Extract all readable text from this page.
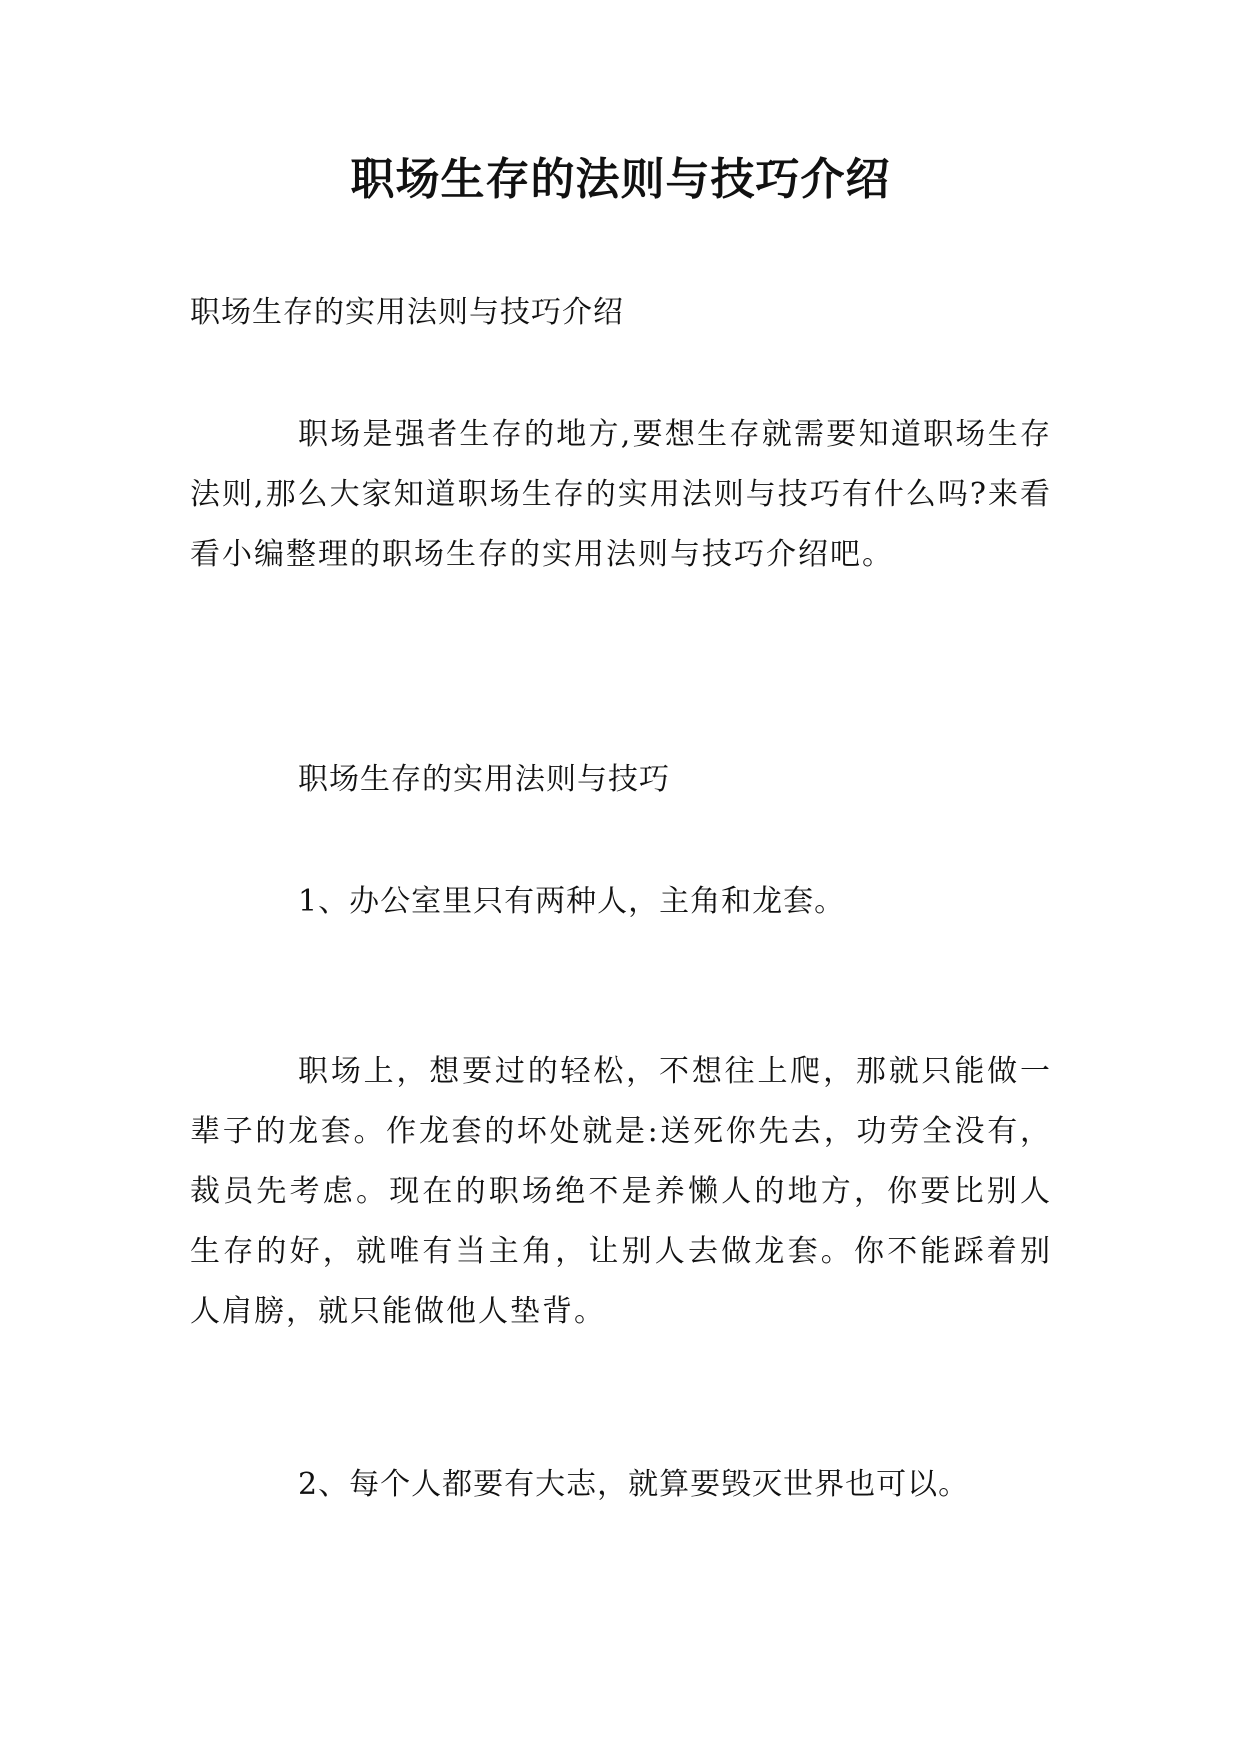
职场生存的法则与技巧介绍

职场生存的实用法则与技巧介绍

职场是强者生存的地方,要想生存就需要知道职场生存法则,那么大家知道职场生存的实用法则与技巧有什么吗?来看看小编整理的职场生存的实用法则与技巧介绍吧。

职场生存的实用法则与技巧

1、办公室里只有两种人，主角和龙套。

职场上，想要过的轻松，不想往上爬，那就只能做一辈子的龙套。作龙套的坏处就是:送死你先去，功劳全没有，裁员先考虑。现在的职场绝不是养懒人的地方，你要比别人生存的好，就唯有当主角，让别人去做龙套。你不能踩着别人肩膀，就只能做他人垫背。

2、每个人都要有大志，就算要毁灭世界也可以。
